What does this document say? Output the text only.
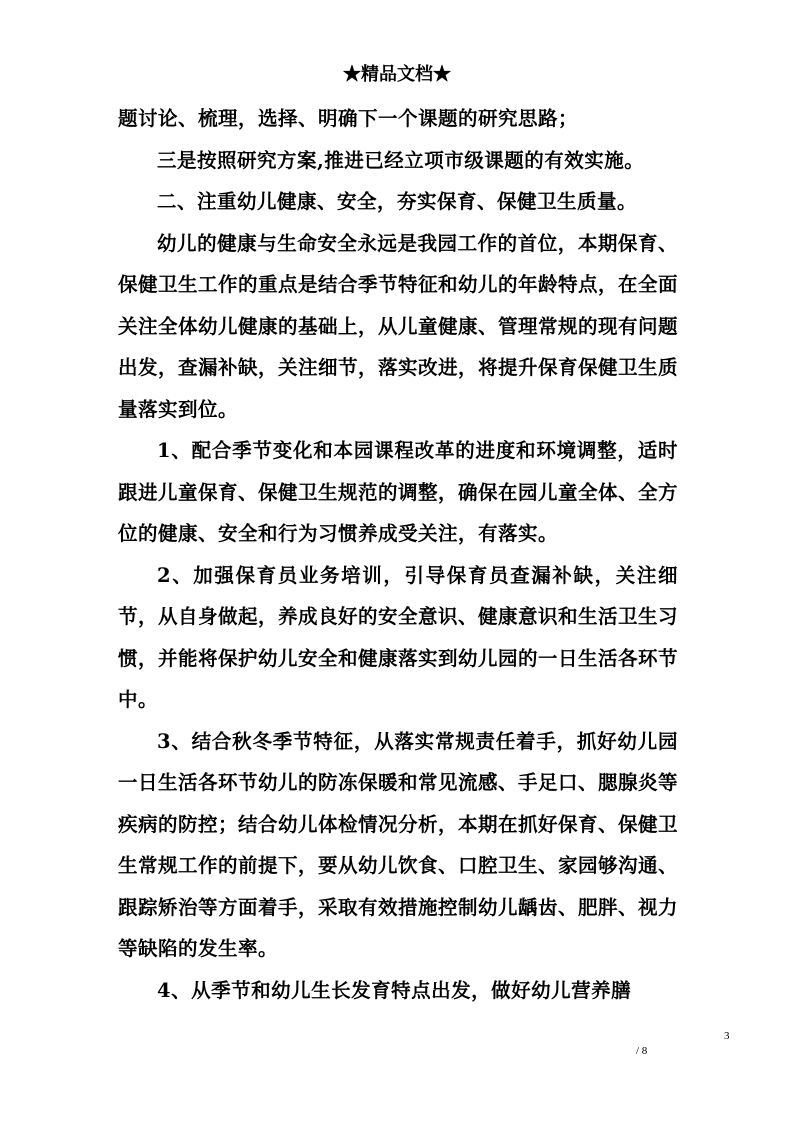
★精品文档★

题讨论、梳理，选择、明确下一个课题的研究思路；

三是按照研究方案,推进已经立项市级课题的有效实施。

二、注重幼儿健康、安全，夯实保育、保健卫生质量。

幼儿的健康与生命安全永远是我园工作的首位，本期保育、保健卫生工作的重点是结合季节特征和幼儿的年龄特点，在全面关注全体幼儿健康的基础上，从儿童健康、管理常规的现有问题出发，查漏补缺，关注细节，落实改进，将提升保育保健卫生质量落实到位。

1、配合季节变化和本园课程改革的进度和环境调整，适时跟进儿童保育、保健卫生规范的调整，确保在园儿童全体、全方位的健康、安全和行为习惯养成受关注，有落实。

2、加强保育员业务培训，引导保育员查漏补缺，关注细节，从自身做起，养成良好的安全意识、健康意识和生活卫生习惯，并能将保护幼儿安全和健康落实到幼儿园的一日生活各环节中。

3、结合秋冬季节特征，从落实常规责任着手，抓好幼儿园一日生活各环节幼儿的防冻保暖和常见流感、手足口、腮腺炎等疾病的防控；结合幼儿体检情况分析，本期在抓好保育、保健卫生常规工作的前提下，要从幼儿饮食、口腔卫生、家园够沟通、跟踪矫治等方面着手，采取有效措施控制幼儿龋齿、肥胖、视力等缺陷的发生率。

4、从季节和幼儿生长发育特点出发，做好幼儿营养膳

3
/ 8
